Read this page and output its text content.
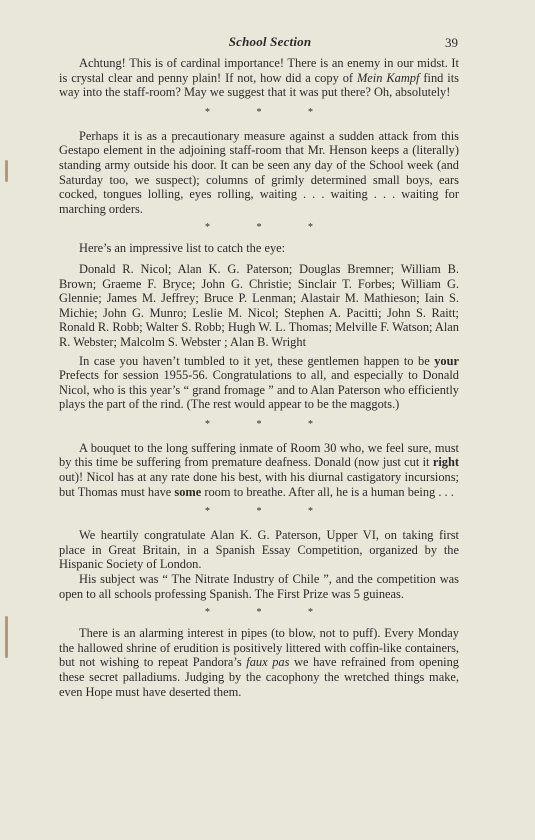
School Section	39

Achtung! This is of cardinal importance! There is an enemy in our midst. It is crystal clear and penny plain! If not, how did a copy of Mein Kampf find its way into the staff-room? May we suggest that it was put there? Oh, absolutely!

* * *

Perhaps it is as a precautionary measure against a sudden attack from this Gestapo element in the adjoining staff-room that Mr. Henson keeps a (literally) standing army outside his door. It can be seen any day of the School week (and Saturday too, we suspect); columns of grimly determined small boys, ears cocked, tongues lolling, eyes rolling, waiting . . . waiting . . . waiting for marching orders.

* * *

Here’s an impressive list to catch the eye:

Donald R. Nicol; Alan K. G. Paterson; Douglas Bremner; William B. Brown; Graeme F. Bryce; John G. Christie; Sinclair T. Forbes; William G. Glennie; James M. Jeffrey; Bruce P. Lenman; Alastair M. Mathieson; Iain S. Michie; John G. Munro; Leslie M. Nicol; Stephen A. Pacitti; John S. Raitt; Ronald R. Robb; Walter S. Robb; Hugh W. L. Thomas; Melville F. Watson; Alan R. Webster; Malcolm S. Webster ; Alan B. Wright

In case you haven’t tumbled to it yet, these gentlemen happen to be your Prefects for session 1955-56. Congratulations to all, and especially to Donald Nicol, who is this year’s “ grand fromage ” and to Alan Paterson who efficiently plays the part of the rind. (The rest would appear to be the maggots.)

* * *

A bouquet to the long suffering inmate of Room 30 who, we feel sure, must by this time be suffering from premature deafness. Donald (now just cut it right out)! Nicol has at any rate done his best, with his diurnal castigatory incursions; but Thomas must have some room to breathe. After all, he is a human being . . .

* * *

We heartily congratulate Alan K. G. Paterson, Upper VI, on taking first place in Great Britain, in a Spanish Essay Competition, organized by the Hispanic Society of London.

His subject was “ The Nitrate Industry of Chile ”, and the competition was open to all schools professing Spanish. The First Prize was 5 guineas.

* * *

There is an alarming interest in pipes (to blow, not to puff). Every Monday the hallowed shrine of erudition is positively littered with coffin-like containers, but not wishing to repeat Pandora’s faux pas we have refrained from opening these secret palladiums. Judging by the cacophony the wretched things make, even Hope must have deserted them.
